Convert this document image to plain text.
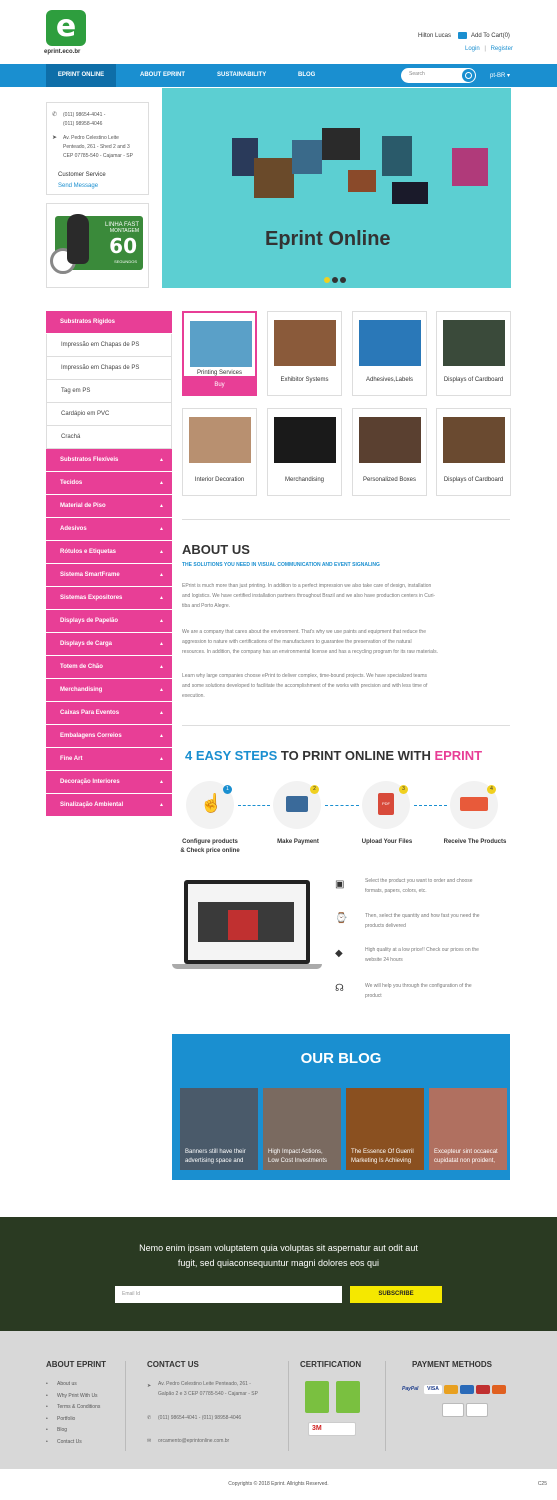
e
eprint.eco.br
Hilton Lucas	Add To Cart(0)
Login | Register
EPRINT ONLINE	ABOUT EPRINT	SUSTAINABILITY	BLOG	Search	pt-BR ▾
✆ (011) 98654-4041 -
(011) 98958-4046
➤ Av. Pedro Celestino Leite
Penteado, 261 - Shed 2 and 3
CEP 07785-540 - Cajamar - SP
Customer Service
Send Message
LINHA FAST
MONTAGEM
60
SEGUNDOS
Eprint Online
Substratos Rígidos
Impressão em Chapas de PS
Impressão em Chapas de PS
Tag em PS
Cardápio em PVC
Crachá
Substratos Flexíveis	▲
Tecidos	▲
Material de Piso	▲
Adesivos	▲
Rótulos e Etiquetas	▲
Sistema SmartFrame	▲
Sistemas Expositores	▲
Displays de Papelão	▲
Displays de Carga	▲
Totem de Chão	▲
Merchandising	▲
Caixas Para Eventos	▲
Embalagens Correios	▲
Fine Art	▲
Decoração Interiores	▲
Sinalização Ambiental	▲
Printing Services
Buy
Exhibitor Systems	Adhesives,Labels	Displays of Cardboard
Interior Decoration	Merchandising	Personalized Boxes	Displays of Cardboard
ABOUT US
THE SOLUTIONS YOU NEED IN VISUAL COMMUNICATION AND EVENT SIGNALING
EPrint is much more than just printing. In addition to a perfect impression we also take care of design, installation
and logistics. We have certified installation partners throughout Brazil and we also have production centers in Curi-
tiba and Porto Alegre.
We are a company that cares about the environment. That's why we use paints and equipment that reduce the
aggression to nature with certifications of the manufacturers to guarantee the preservation of the natural
resources. In addition, the company has an environmental license and has a recycling program for its raw materials.
Learn why large companies choose ePrint to deliver complex, time-bound projects. We have specialized teams
and some solutions developed to facilitate the accomplishment of the works with precision and with less time of
execution.
4 EASY STEPS TO PRINT ONLINE WITH EPRINT
1
☝
2	3
PDF
4
Configure products
& Check price online
Make Payment	Upload Your Files	Receive The Products
▣	Select the product you want to order and choose
formats, papers, colors, etc.
⌚	Then, select the quantity and how fast you need the
products delivered
◆	High quality at a low price!! Check our prices on the
website 24 hours
☊	We will help you through the configuration of the
product
OUR BLOG
Banners still have their
advertising space and
High Impact Actions,
Low Cost Investments
The Essence Of Guerril
Marketing Is Achieving
Excepteur sint occaecat
cupidatat non proident,
Nemo enim ipsam voluptatem quia voluptas sit aspernatur aut odit aut
fugit, sed quiaconsequuntur magni dolores eos qui
Email Id	SUBSCRIBE
ABOUT EPRINT
• About us
• Why Print With Us
• Terms & Conditions
• Portfolio
• Blog
• Contact Us
CONTACT US
➤ Av. Pedro Celestino Leite Penteado, 261 -
Galpão 2 e 3 CEP 07785-540 - Cajamar - SP
✆ (011) 98654-4041 - (011) 98958-4046
✉ orcamento@eprintonline.com.br
CERTIFICATION
3M
PAYMENT METHODS
PayPal	VISA
Copyrights © 2018 Eprint. Allrights Reserved.	C25
